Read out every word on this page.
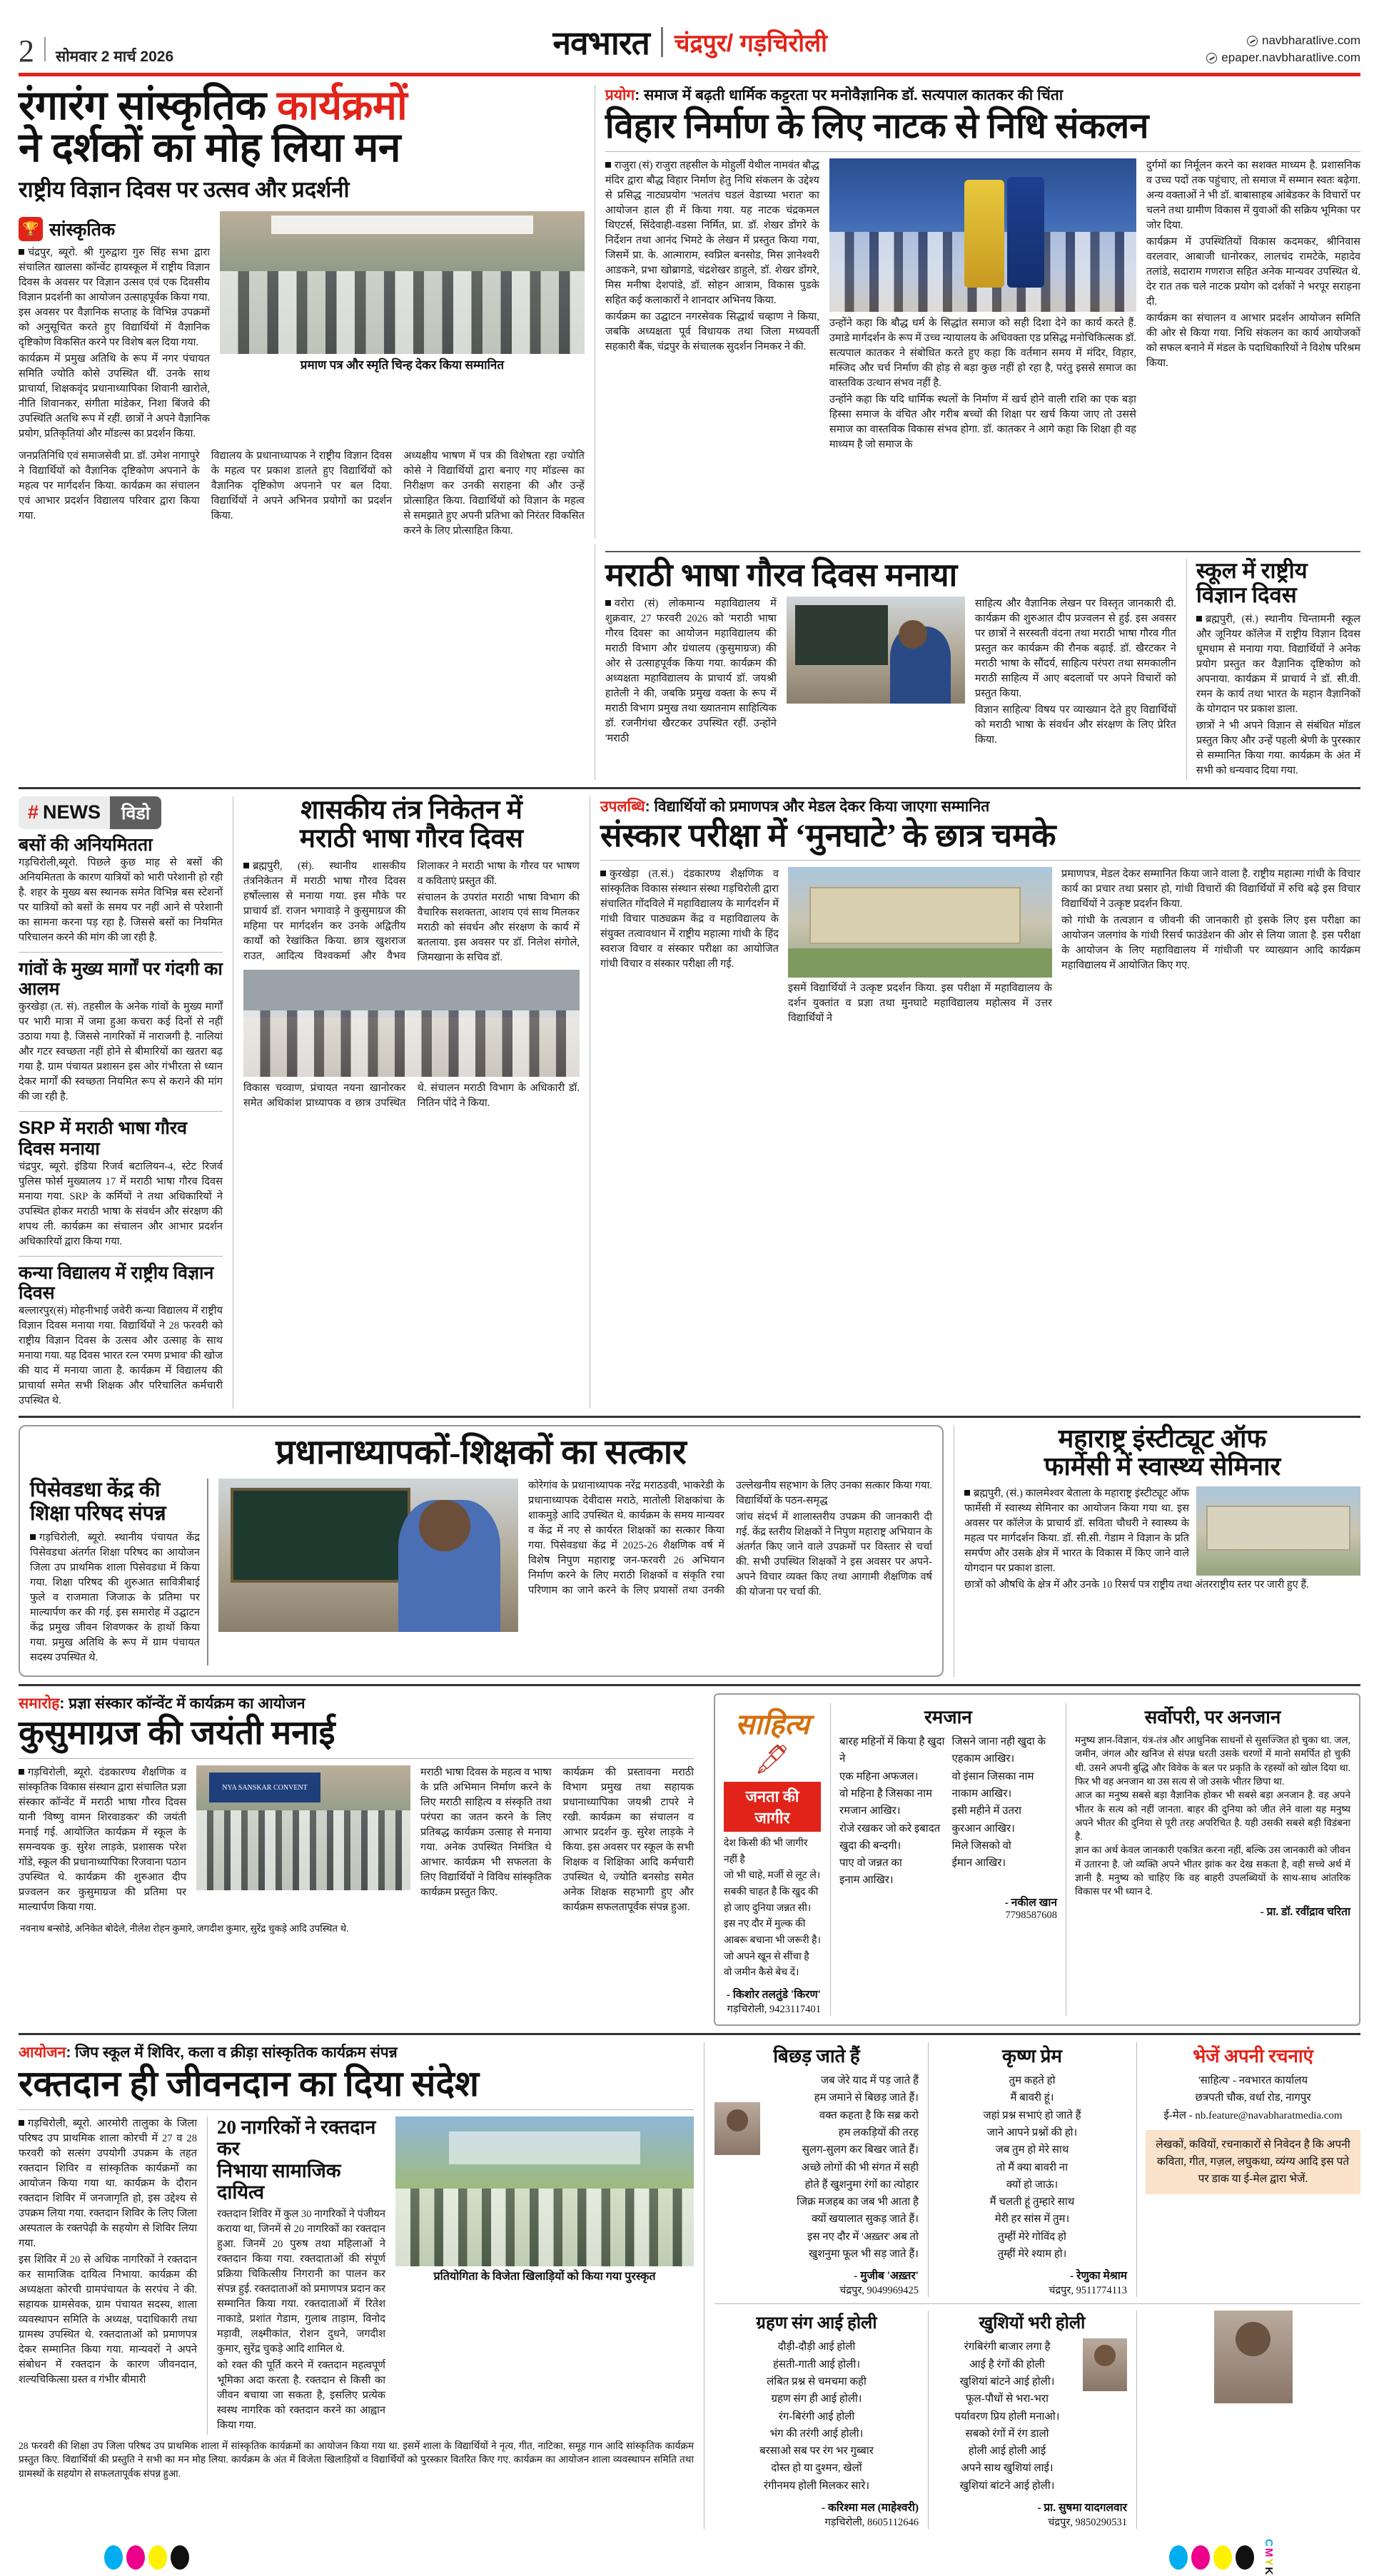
2 सोमवार 2 मार्च 2026	नवभारत चंद्रपुर/ गड़चिरोली	navbharatlive.com
epaper.navbharatlive.com
रंगारंग सांस्कृतिक कार्यक्रमों
ने दर्शकों का मोह लिया मन
राष्ट्रीय विज्ञान दिवस पर उत्सव और प्रदर्शनी
🏆
सांस्कृतिक

चंद्रपुर, ब्यूरो. श्री गुरुद्वारा गुरु सिंह सभा द्वारा संचालित खालसा कॉन्वेंट हायस्कूल में राष्ट्रीय विज्ञान दिवस के अवसर पर विज्ञान उत्सव एवं एक दिवसीय विज्ञान प्रदर्शनी का आयोजन उत्साहपूर्वक किया गया. इस अवसर पर वैज्ञानिक सप्ताह के विभिन्न उपक्रमों को अनुसूचित करते हुए विद्यार्थियों में वैज्ञानिक दृष्टिकोण विकसित करने पर विशेष बल दिया गया.

कार्यक्रम में प्रमुख अतिथि के रूप में नगर पंचायत समिति ज्योति कोसे उपस्थित थीं. उनके साथ प्राचार्या, शिक्षकवृंद प्रधानाध्यापिका शिवानी खारोले, नीति शिवानकर, संगीता मांडेकर, निशा बिंजवे की उपस्थिति अतथि रूप में रहीं. छात्रों ने अपने वैज्ञानिक प्रयोग, प्रतिकृतियां और मॉडल्स का प्रदर्शन किया.

प्रमाण पत्र और स्मृति चिन्ह देकर किया सम्मानित

जनप्रतिनिधि एवं समाजसेवी प्रा. डॉ. उमेश नागापुरे ने विद्यार्थियों को वैज्ञानिक दृष्टिकोण अपनाने के महत्व पर मार्गदर्शन किया. कार्यक्रम का संचालन एवं आभार प्रदर्शन विद्यालय परिवार द्वारा किया गया.

विद्यालय के प्रधानाध्यापक ने राष्ट्रीय विज्ञान दिवस के महत्व पर प्रकाश डालते हुए विद्यार्थियों को वैज्ञानिक दृष्टिकोण अपनाने पर बल दिया. विद्यार्थियों ने अपने अभिनव प्रयोगों का प्रदर्शन किया.

अध्यक्षीय भाषण में पत्र की विशेषता रहा ज्योति कोसे ने विद्यार्थियों द्वारा बनाए गए मॉडल्स का निरीक्षण कर उनकी सराहना की और उन्हें प्रोत्साहित किया. विद्यार्थियों को विज्ञान के महत्व से समझाते हुए अपनी प्रतिभा को निरंतर विकसित करने के लिए प्रोत्साहित किया.

प्रयोग: समाज में बढ़ती धार्मिक कट्टरता पर मनोवैज्ञानिक डॉ. सत्यपाल कातकर की चिंता
विहार निर्माण के लिए नाटक से निधि संकलन

राजुरा (सं) राजुरा तहसील के मोहुर्ली येथील नामवंत बौद्ध मंदिर द्वारा बौद्ध विहार निर्माण हेतु निधि संकलन के उद्देश्य से प्रसिद्ध नाट्यप्रयोग 'भलतंच घडलं वेडाच्या भरात' का आयोजन हाल ही में किया गया. यह नाटक चंद्रकमल थिएटर्स, सिंदेवाही-वडसा निर्मित, प्रा. डॉ. शेखर डोंगरे के निर्देशन तथा आनंद भिमटे के लेखन में प्रस्तुत किया गया, जिसमें प्रा. के. आत्माराम, स्वप्निल बनसोड, मिस ज्ञानेश्वरी आडकने, प्रभा खोब्रागडे, चंद्रशेखर डाहुले, डॉ. शेखर डोंगरे, मिस मनीषा देशपांडे, डॉ. सोहन आत्राम, विकास पुडके सहित कई कलाकारों ने शानदार अभिनय किया.

कार्यक्रम का उद्घाटन नगरसेवक सिद्धार्थ चव्हाण ने किया, जबकि अध्यक्षता पूर्व विधायक तथा जिला मध्यवर्ती सहकारी बैंक, चंद्रपुर के संचालक सुदर्शन निमकर ने की.

उन्होंने कहा कि बौद्ध धर्म के सिद्धांत समाज को सही दिशा देने का कार्य करते हैं. उमाडे मार्गदर्शन के रूप में उच्च न्यायालय के अधिवक्ता एड प्रसिद्ध मनोचिकित्सक डॉ. सत्यपाल कातकर ने संबोधित करते हुए कहा कि वर्तमान समय में मंदिर, विहार, मस्जिद और चर्च निर्माण की होड़ से बड़ा कुछ नहीं हो रहा है, परंतु इससे समाज का वास्तविक उत्थान संभव नहीं है.

उन्होंने कहा कि यदि धार्मिक स्थलों के निर्माण में खर्च होने वाली राशि का एक बड़ा हिस्सा समाज के वंचित और गरीब बच्चों की शिक्षा पर खर्च किया जाए तो उससे समाज का वास्तविक विकास संभव होगा. डॉ. कातकर ने आगे कहा कि शिक्षा ही वह माध्यम है जो समाज के

दुर्गमों का निर्मूलन करने का सशक्त माध्यम है. प्रशासनिक व उच्च पदों तक पहुंचाए, तो समाज में सम्मान स्वतः बढ़ेगा. अन्य वक्ताओं ने भी डॉ. बाबासाहब आंबेडकर के विचारों पर चलने तथा ग्रामीण विकास में युवाओं की सक्रिय भूमिका पर जोर दिया.

कार्यक्रम में उपस्थितियों विकास कदमकर, श्रीनिवास वरलवार, आबाजी धानोरकर, लालचंद रामटेके, महादेव तलांडे, सदाराम गणराज सहित अनेक मान्यवर उपस्थित थे. देर रात तक चले नाटक प्रयोग को दर्शकों ने भरपूर सराहना दी.

कार्यक्रम का संचालन व आभार प्रदर्शन आयोजन समिति की ओर से किया गया. निधि संकलन का कार्य आयोजकों को सफल बनाने में मंडल के पदाधिकारियों ने विशेष परिश्रम किया.

मराठी भाषा गौरव दिवस मनाया

वरोरा (सं) लोकमान्य महाविद्यालय में शुक्रवार, 27 फरवरी 2026 को 'मराठी भाषा गौरव दिवस' का आयोजन महाविद्यालय की मराठी विभाग और ग्रंथालय (कुसुमाग्रज) की ओर से उत्साहपूर्वक किया गया. कार्यक्रम की अध्यक्षता महाविद्यालय के प्राचार्य डॉ. जयश्री हातेली ने की, जबकि प्रमुख वक्ता के रूप में मराठी विभाग प्रमुख तथा ख्यातनाम साहित्यिक डॉ. रजनीगंधा खैरटकर उपस्थित रहीं. उन्होंने 'मराठी

साहित्य और वैज्ञानिक लेखन पर विस्तृत जानकारी दी. कार्यक्रम की शुरुआत दीप प्रज्वलन से हुई. इस अवसर पर छात्रों ने सरस्वती वंदना तथा मराठी भाषा गौरव गीत प्रस्तुत कर कार्यक्रम की रौनक बढ़ाई. डॉ. खैरटकर ने मराठी भाषा के सौंदर्य, साहित्य परंपरा तथा समकालीन मराठी साहित्य में आए बदलावों पर अपने विचारों को प्रस्तुत किया.

विज्ञान साहित्य' विषय पर व्याख्यान देते हुए विद्यार्थियों को मराठी भाषा के संवर्धन और संरक्षण के लिए प्रेरित किया.

स्कूल में राष्ट्रीय विज्ञान दिवस

ब्रह्मपुरी, (सं.) स्थानीय चिन्तामनी स्कूल और जूनियर कॉलेज में राष्ट्रीय विज्ञान दिवस धूमधाम से मनाया गया. विद्यार्थियों ने अनेक प्रयोग प्रस्तुत कर वैज्ञानिक दृष्टिकोण को अपनाया. कार्यक्रम में प्राचार्य ने डॉ. सी.वी. रमन के कार्य तथा भारत के महान वैज्ञानिकों के योगदान पर प्रकाश डाला.

छात्रों ने भी अपने विज्ञान से संबंधित मॉडल प्रस्तुत किए और उन्हें पहली श्रेणी के पुरस्कार से सम्मानित किया गया. कार्यक्रम के अंत में सभी को धन्यवाद दिया गया.

# NEWS	विडो
बसों की अनियमितता
गड़चिरोली,ब्यूरो. पिछले कुछ माह से बसों की अनियमितता के कारण यात्रियों को भारी परेशानी हो रही है. शहर के मुख्य बस स्थानक समेत विभिन्न बस स्टेशनों पर यात्रियों को बसों के समय पर नहीं आने से परेशानी का सामना करना पड़ रहा है. जिससे बसों का नियमित परिचालन करने की मांग की जा रही है.
गांवों के मुख्य मार्गों पर गंदगी का आलम
कुरखेड़ा (त. सं). तहसील के अनेक गांवों के मुख्य मार्गों पर भारी मात्रा में जमा हुआ कचरा कई दिनों से नहीं उठाया गया है. जिससे नागरिकों में नाराजगी है. नालियां और गटर स्वच्छता नहीं होने से बीमारियों का खतरा बढ़ गया है. ग्राम पंचायत प्रशासन इस ओर गंभीरता से ध्यान देकर मार्गों की स्वच्छता नियमित रूप से कराने की मांग की जा रही है.
SRP में मराठी भाषा गौरव दिवस मनाया
चंद्रपुर, ब्यूरो. इंडिया रिजर्व बटालियन-4, स्टेट रिजर्व पुलिस फोर्स मुख्यालय 17 में मराठी भाषा गौरव दिवस मनाया गया. SRP के कर्मियों ने तथा अधिकारियों ने उपस्थित होकर मराठी भाषा के संवर्धन और संरक्षण की शपथ ली. कार्यक्रम का संचालन और आभार प्रदर्शन अधिकारियों द्वारा किया गया.
कन्या विद्यालय में राष्ट्रीय विज्ञान दिवस
बल्लारपुर(सं) मोहनीभाई जवेरी कन्या विद्यालय में राष्ट्रीय विज्ञान दिवस मनाया गया. विद्यार्थियों ने 28 फरवरी को राष्ट्रीय विज्ञान दिवस के उत्सव और उत्साह के साथ मनाया गया. यह दिवस भारत रत्न 'रमण प्रभाव' की खोज की याद में मनाया जाता है. कार्यक्रम में विद्यालय की प्राचार्या समेत सभी शिक्षक और परिचालित कर्मचारी उपस्थित थे.
शासकीय तंत्र निकेतन में
मराठी भाषा गौरव दिवस

ब्रह्मपुरी, (सं). स्थानीय शासकीय तंत्रनिकेतन में मराठी भाषा गौरव दिवस हर्षोल्लास से मनाया गया. इस मौके पर प्राचार्य डॉ. राजन भगावाड़े ने कुसुमाग्रज की महिमा पर मार्गदर्शन कर उनके अद्वितीय कार्यों को रेखांकित किया. छात्र खुशराज राउत, आदित्य विश्वकर्मा और वैभव शिलाकर ने मराठी भाषा के गौरव पर भाषण व कविताएं प्रस्तुत कीं.

संचालन के उपरांत मराठी भाषा विभाग की वैचारिक सशक्तता, आशय एवं साथ मिलकर मराठी को संवर्धन और संरक्षण के कार्य में बतलाया. इस अवसर पर डॉ. निलेश संगोले, जिमखाना के सचिव डॉ.

विकास चव्वाण, प्रंचायत नयना खानोरकर समेत अधिकांश प्राध्यापक व छात्र उपस्थित थे. संचालन मराठी विभाग के अधिकारी डॉ. नितिन पोंदे ने किया.

उपलब्धि: विद्यार्थियों को प्रमाणपत्र और मेडल देकर किया जाएगा सम्मानित
संस्कार परीक्षा में ‘मुनघाटे’ के छात्र चमके

कुरखेड़ा (त.सं.) दंडकारण्य शैक्षणिक व सांस्कृतिक विकास संस्थान संस्था गड़चिरोली द्वारा संचालित गोंदविले में महाविद्यालय के मार्गदर्शन में गांधी विचार पाठ्यक्रम केंद्र व महाविद्यालय के संयुक्त तत्वावधान में राष्ट्रीय महात्मा गांधी के हिंद स्वराज विचार व संस्कार परीक्षा का आयोजित गांधी विचार व संस्कार परीक्षा ली गई.

इसमें विद्यार्थियों ने उत्कृष्ट प्रदर्शन किया. इस परीक्षा में महाविद्यालय के दर्शन युक्तांत व प्रज्ञा तथा मुनघाटे महाविद्यालय महोत्सव में उत्तर विद्यार्थियों ने

प्रमाणपत्र, मेडल देकर सम्मानित किया जाने वाला है. राष्ट्रीय महात्मा गांधी के विचार कार्य का प्रचार तथा प्रसार हो, गांधी विचारों की विद्यार्थियों में रुचि बढ़े इस विचार विद्यार्थियों ने उत्कृष्ट प्रदर्शन किया.

को गांधी के तत्वज्ञान व जीवनी की जानकारी हो इसके लिए इस परीक्षा का आयोजन जलगांव के गांधी रिसर्च फाउंडेशन की ओर से लिया जाता है. इस परीक्षा के आयोजन के लिए महाविद्यालय में गांधीजी पर व्याख्यान आदि कार्यक्रम महाविद्यालय में आयोजित किए गए.

प्रधानाध्यापकों-शिक्षकों का सत्कार
पिसेवडधा केंद्र की
शिक्षा परिषद संपन्न

गड़चिरोली, ब्यूरो. स्थानीय पंचायत केंद्र पिसेवडधा अंतर्गत शिक्षा परिषद का आयोजन जिला उप प्राथमिक शाला पिसेवडधा में किया गया. शिक्षा परिषद की शुरुआत सावित्रीबाई फुले व राजमाता जिजाऊ के प्रतिमा पर माल्यार्पण कर की गई. इस समारोह में उद्घाटन केंद्र प्रमुख जीवन शिवणकर के हाथों किया गया. प्रमुख अतिथि के रूप में ग्राम पंचायत सदस्य उपस्थित थे.

कोरेगांव के प्रधानाध्यापक नरेंद्र मराठडवी, भाकरेडी के प्रधानाध्यापक देवीदास मराठे, मातोली शिक्षकांचा के शाकमुड़े आदि उपस्थित थे. कार्यक्रम के समय मान्यवर व केंद्र में नए से कार्यरत शिक्षकों का सत्कार किया गया. पिसेवडधा केंद्र में 2025-26 शैक्षणिक वर्ष में विशेष निपुण महाराष्ट्र जन-फरवरी 26 अभियान निर्माण करने के लिए मराठी शिक्षकों व संकृति रचा परिणाम का जाने करने के लिए प्रयासों तथा उनकी उल्लेखनीय सहभाग के लिए उनका सत्कार किया गया. विद्यार्थियों के पठन-समृद्ध

जांच संदर्भ में शालास्तरीय उपक्रम की जानकारी दी गई. केंद्र स्तरीय शिक्षकों ने निपुण महाराष्ट्र अभियान के अंतर्गत किए जाने वाले उपक्रमों पर विस्तार से चर्चा की. सभी उपस्थित शिक्षकों ने इस अवसर पर अपने-अपने विचार व्यक्त किए तथा आगामी शैक्षणिक वर्ष की योजना पर चर्चा की.

महाराष्ट्र इंस्टीट्यूट ऑफ
फार्मेसी में स्वास्थ्य सेमिनार

ब्रह्मपुरी, (सं.) कालमेश्वर बेताला के महाराष्ट्र इंस्टीट्यूट ऑफ फार्मेसी में स्वास्थ्य सेमिनार का आयोजन किया गया था. इस अवसर पर कॉलेज के प्राचार्य डॉ. सविता चौधरी ने स्वास्थ्य के महत्व पर मार्गदर्शन किया. डॉ. सी.सी. गेडाम ने विज्ञान के प्रति समर्पण और उसके क्षेत्र में भारत के विकास में किए जाने वाले योगदान पर प्रकाश डाला.

छात्रों को औषधि के क्षेत्र में और उनके 10 रिसर्च पत्र राष्ट्रीय तथा अंतरराष्ट्रीय स्तर पर जारी हुए हैं.
समारोह: प्रज्ञा संस्कार कॉन्वेंट में कार्यक्रम का आयोजन
कुसुमाग्रज की जयंती मनाई

गड़चिरोली, ब्यूरो. दंडकारण्य शैक्षणिक व सांस्कृतिक विकास संस्थान द्वारा संचालित प्रज्ञा संस्कार कॉन्वेंट में मराठी भाषा गौरव दिवस यानी 'विष्णु वामन शिरवाडकर' की जयंती मनाई गई. आयोजित कार्यक्रम में स्कूल के समन्वयक कु. सुरेश लाड़के, प्रशासक परेश गोंडे, स्कूल की प्रधानाध्यापिका रिजवाना पठान उपस्थित थे. कार्यक्रम की शुरुआत दीप प्रज्वलन कर कुसुमाग्रज की प्रतिमा पर माल्यार्पण किया गया.

NYA SANSKAR CONVENT

मराठी भाषा दिवस के महत्व व भाषा के प्रति अभिमान निर्माण करने के लिए मराठी साहित्य व संस्कृति तथा परंपरा का जतन करने के लिए प्रतिबद्ध कार्यक्रम उत्साह से मनाया गया. अनेक उपस्थित निमंत्रित थे आभार. कार्यक्रम भी सफलता के लिए विद्यार्थियों ने विविध सांस्कृतिक कार्यक्रम प्रस्तुत किए.

कार्यक्रम की प्रस्तावना मराठी विभाग प्रमुख तथा सहायक प्रधानाध्यापिका जयश्री टापरे ने रखी. कार्यक्रम का संचालन व आभार प्रदर्शन कु. सुरेश लाड़के ने किया. इस अवसर पर स्कूल के सभी शिक्षक व शिक्षिका आदि कर्मचारी उपस्थित थे, ज्योति बनसोड समेत अनेक शिक्षक सहभागी हुए और कार्यक्रम सफलतापूर्वक संपन्न हुआ.

नवनाथ बन्सोडे, अनिकेत बोदेले, नीलेश रोहन कुमारे, जगदीश कुमार, सुरेंद्र चुकड़े आदि उपस्थित थे.
साहित्य
🖋
जनता की जागीर
देश किसी की भी जागीर नहीं है
जो भी चाहे, मर्जी से लूट ले।
सबकी चाहत है कि खुद की
हो जाए दुनिया जन्नत सी।
इस नए दौर में मुल्क की
आबरू बचाना भी जरूरी है।
जो अपने खून से सींचा है
वो जमीन कैसे बेच दें।
- किशोर तलतुंडे 'किरण'
गड़चिरोली, 9423117401
रमजान
बारह महिनों में किया है खुदा ने
एक महिना अफजल।
वो महिना है जिसका नाम
रमजान आखिर।
रोजे रखकर जो करे इबादत
खुदा की बन्दगी।
पाए वो जन्नत का
इनाम आखिर।
जिसने जाना नही खुदा के
एहकाम आखिर।
वो इंसान जिसका नाम
नाकाम आखिर।
इसी महीने में उतरा
कुरआन आखिर।
मिले जिसको वो
ईमान आखिर।
- नकील खान
7798587608
सर्वोपरी, पर अनजान

मनुष्य ज्ञान-विज्ञान, यंत्र-तंत्र और आधुनिक साधनों से सुसज्जित हो चुका था. जल, जमीन, जंगल और खनिज से संपन्न धरती उसके चरणों में मानो समर्पित हो चुकी थी. उसने अपनी बुद्धि और विवेक के बल पर प्रकृति के रहस्यों को खोल दिया था. फिर भी वह अनजान था उस सत्य से जो उसके भीतर छिपा था.

आज का मनुष्य सबसे बड़ा वैज्ञानिक होकर भी सबसे बड़ा अनजान है. वह अपने भीतर के सत्य को नहीं जानता. बाहर की दुनिया को जीत लेने वाला यह मनुष्य अपने भीतर की दुनिया से पूरी तरह अपरिचित है. यही उसकी सबसे बड़ी विडंबना है.

ज्ञान का अर्थ केवल जानकारी एकत्रित करना नहीं, बल्कि उस जानकारी को जीवन में उतारना है. जो व्यक्ति अपने भीतर झांक कर देख सकता है, वही सच्चे अर्थ में ज्ञानी है. मनुष्य को चाहिए कि वह बाहरी उपलब्धियों के साथ-साथ आंतरिक विकास पर भी ध्यान दे.

- प्रा. डॉ. रवींद्राव चरिता
आयोजन: जिप स्कूल में शिविर, कला व क्रीड़ा सांस्कृतिक कार्यक्रम संपन्न
रक्तदान ही जीवनदान का दिया संदेश

गड़चिरोली, ब्यूरो. आरमोरी तालुका के जिला परिषद उप प्राथमिक शाला कोरची में 27 व 28 फरवरी को सत्संग उपयोगी उपक्रम के तहत रक्तदान शिविर व सांस्कृतिक कार्यक्रमों का आयोजन किया गया था. कार्यक्रम के दौरान रक्तदान शिविर में जनजागृति हो, इस उद्देश्य से उपक्रम लिया गया. रक्तदान शिविर के लिए जिला अस्पताल के रक्तपेढ़ी के सहयोग से शिविर लिया गया.

इस शिविर में 20 से अधिक नागरिकों ने रक्तदान कर सामाजिक दायित्व निभाया. कार्यक्रम की अध्यक्षता कोरची ग्रामपंचायत के सरपंच ने की. सहायक ग्रामसेवक, ग्राम पंचायत सदस्य, शाला व्यवस्थापन समिति के अध्यक्ष, पदाधिकारी तथा ग्रामस्थ उपस्थित थे. रक्तदाताओं को प्रमाणपत्र देकर सम्मानित किया गया. मान्यवरों ने अपने संबोधन में रक्तदान के कारण जीवनदान, शल्यचिकित्सा ग्रस्त व गंभीर बीमारी

20 नागरिकों ने रक्तदान कर
निभाया सामाजिक दायित्व

रक्तदान शिविर में कुल 30 नागरिकों ने पंजीयन कराया था, जिनमें से 20 नागरिकों का रक्तदान हुआ. जिनमें 20 पुरुष तथा महिलाओं ने रक्तदान किया गया. रक्तदाताओं की संपूर्ण प्रक्रिया चिकित्सीय निगरानी का पालन कर संपन्न हुई. रक्तदाताओं को प्रमाणपत्र प्रदान कर सम्मानित किया गया. रक्तदाताओं में रितेश नाकाडे, प्रशांत गेडाम, गुलाब ताड़ाम, विनोद मड़ावी, लक्ष्मीकांत, रोशन दुधने, जगदीश कुमार, सुरेंद्र चुकड़े आदि शामिल थे.

को रक्त की पूर्ति करने में रक्तदान महत्वपूर्ण भूमिका अदा करता है. रक्तदान से किसी का जीवन बचाया जा सकता है, इसलिए प्रत्येक स्वस्थ नागरिक को रक्तदान करने का आह्वान किया गया.

प्रतियोगिता के विजेता खिलाड़ियों को किया गया पुरस्कृत
28 फरवरी की शिक्षा उप जिला परिषद उप प्राथमिक शाला में सांस्कृतिक कार्यक्रमों का आयोजन किया गया था. इसमें शाला के विद्यार्थियों ने नृत्य, गीत, नाटिका, समूह गान आदि सांस्कृतिक कार्यक्रम प्रस्तुत किए. विद्यार्थियों की प्रस्तुति ने सभी का मन मोह लिया. कार्यक्रम के अंत में विजेता खिलाड़ियों व विद्यार्थियों को पुरस्कार वितरित किए गए. कार्यक्रम का आयोजन शाला व्यवस्थापन समिति तथा ग्रामस्थों के सहयोग से सफलतापूर्वक संपन्न हुआ.
बिछड़ जाते हैं
जब जेरे याद में पड़ जाते हैं
हम जमाने से बिछड़ जाते हैं।
वक्त कहता है कि सब्र करो
हम लकड़ियों की तरह
सुलग-सुलग कर बिखर जाते हैं।
अच्छे लोगों की भी संगत में सही
होते हैं खुशनुमा रंगों का त्योहार
जिक्र मजहब का जब भी आता है
क्यों खयालात सुकड़ जाते हैं।
इस नए दौर में 'अख़्तर' अब तो
खुशनुमा फूल भी सड़ जाते हैं।
- मुजीब 'अख़्तर'
चंद्रपुर, 9049969425
कृष्ण प्रेम
तुम कहते हो
मैं बावरी हूं।
जहां प्रश्न सभाएं हो जाते हैं
जाने आपने प्रश्नों की हो।
जब तुम हो मेरे साथ
तो मैं क्या बावरी ना
क्यों हो जाऊं।
मैं चलती हूं तुम्हारे साथ
मेरी हर सांस में तुम।
तुम्हीं मेरे गोविंद हो
तुम्हीं मेरे श्याम हो।
- रेणुका मेश्राम
चंद्रपुर, 9511774113
भेजें अपनी रचनाएं
'साहित्य' - नवभारत कार्यालय
छत्रपती चौक, वर्धा रोड, नागपुर
ई-मेल - nb.feature@navabharatmedia.com
लेखकों, कवियों, रचनाकारों से निवेदन है कि अपनी कविता, गीत, गज़ल, लघुकथा, व्यंग्य आदि इस पते पर डाक या ई-मेल द्वारा भेजें.
ग्रहण संग आई होली
दौड़ी-दौड़ी आई होली
हंसती-गाती आई होली।
लंबित प्रश्न से चमचमा कही
ग्रहण संग ही आई होली।
रंग-बिरंगी आई होली
भंग की तरंगी आई होली।
बरसाओ सब पर रंग भर गुब्बार
दोस्त हो या दुश्मन, खेलों
रंगीनमय होली मिलकर सारे।
- करिश्मा मल (माहेश्वरी)
गड़चिरोली, 8605112646
खुशियों भरी होली
रंगबिरंगी बाजार लगा है
आई है रंगों की होली
खुशियां बांटने आई होली।
फूल-पौधों से भरा-भरा
पर्यावरण प्रिय होली मनाओ।
सबको रंगों में रंग डालो
होली आई होली आई
अपने साथ खुशियां लाई।
खुशियां बांटने आई होली।
- प्रा. सुषमा यादगलवार
चंद्रपुर, 9850290531
CMYK
